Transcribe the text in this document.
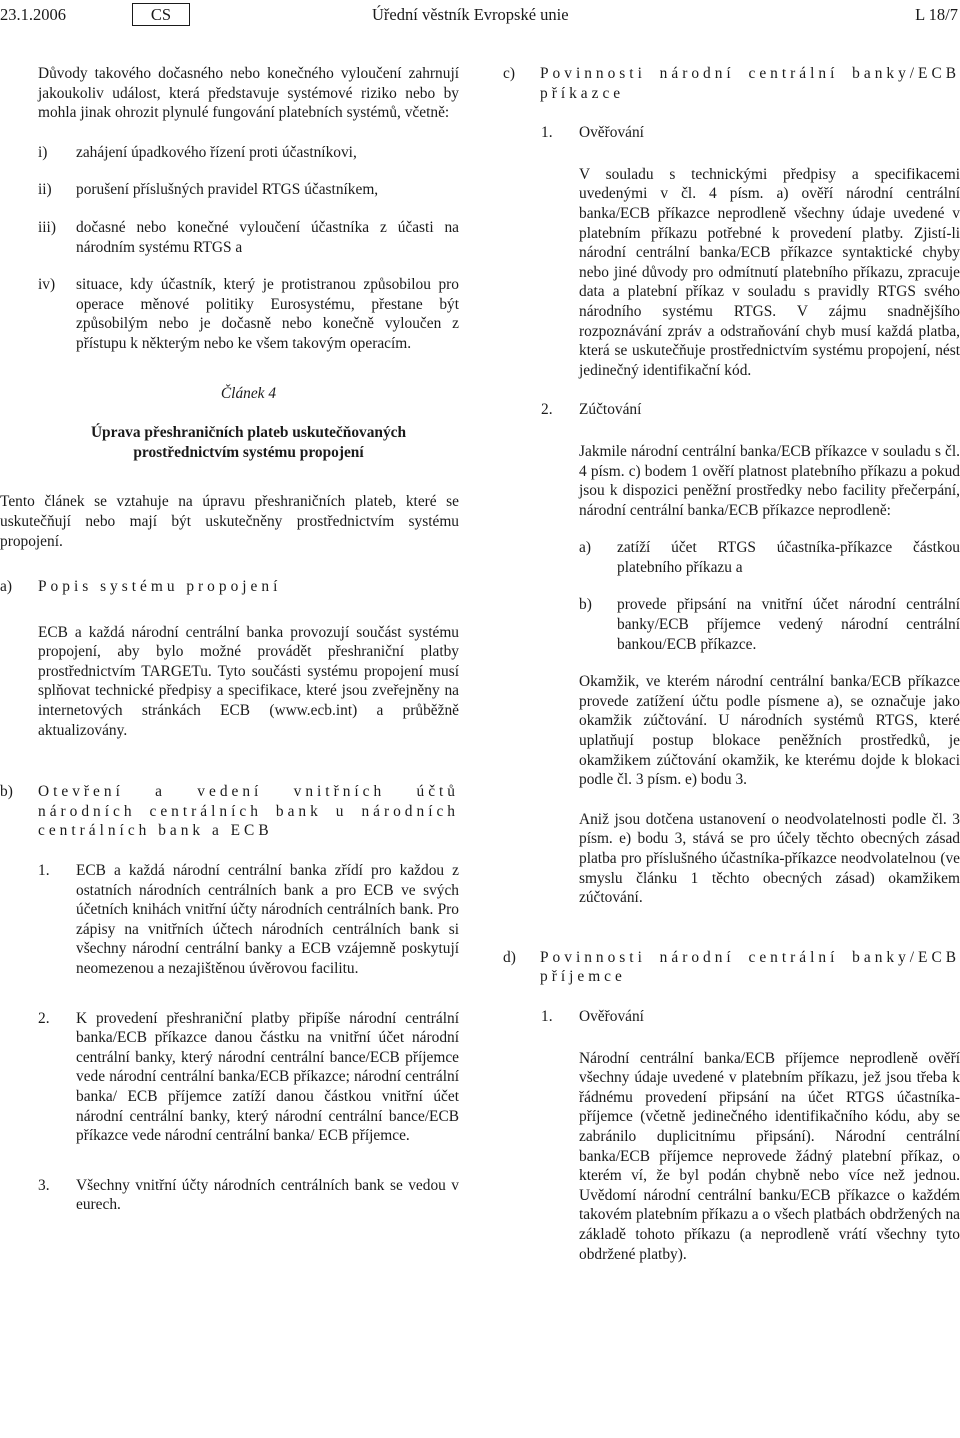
23.1.2006	CS	Úřední věstník Evropské unie	L 18/7

Důvody takového dočasného nebo konečného vyloučení zahrnují jakoukoliv událost, která představuje systémové riziko nebo by mohla jinak ohrozit plynulé fungování platebních systémů, včetně:

i)	zahájení úpadkového řízení proti účastníkovi,
ii)	porušení příslušných pravidel RTGS účastníkem,
iii)	dočasné nebo konečné vyloučení účastníka z účasti na národním systému RTGS a
iv)	situace, kdy účastník, který je protistranou způsobilou pro operace měnové politiky Eurosystému, přestane být způsobilým nebo je dočasně nebo konečně vyloučen z přístupu k některým nebo ke všem takovým operacím.

Článek 4

Úprava přeshraničních plateb uskutečňovaných

prostřednictvím systému propojení

Tento článek se vztahuje na úpravu přeshraničních plateb, které se uskutečňují nebo mají být uskutečněny prostřednictvím systému propojení.

a)	Popis systému propojení

ECB a každá národní centrální banka provozují součást systému propojení, aby bylo možné provádět přeshraniční platby prostřednictvím TARGETu. Tyto součásti systému propojení musí splňovat technické předpisy a specifikace, které jsou zveřejněny na internetových stránkách ECB (www.ecb.int) a průběžně aktualizovány.

b)	Otevření a vedení vnitřních účtů národních centrálních bank u národních centrálních bank a ECB
1.	ECB a každá národní centrální banka zřídí pro každou z ostatních národních centrálních bank a pro ECB ve svých účetních knihách vnitřní účty národních centrálních bank. Pro zápisy na vnitřních účtech národních centrálních bank si všechny národní centrální banky a ECB vzájemně poskytují neomezenou a nezajištěnou úvěrovou facilitu.
2.	K provedení přeshraniční platby připíše národní centrální banka/ECB příkazce danou částku na vnitřní účet národní centrální banky, který národní centrální bance/ECB příjemce vede národní centrální banka/ECB příkazce; národní centrální banka/ ECB příjemce zatíží danou částkou vnitřní účet národní centrální banky, který národní centrální bance/ECB příkazce vede národní centrální banka/ ECB příjemce.
3.	Všechny vnitřní účty národních centrálních bank se vedou v eurech.
c)	Povinnosti národní centrální banky/ECB příkazce
1.	Ověřování

V souladu s technickými předpisy a specifikacemi uvedenými v čl. 4 písm. a) ověří národní centrální banka/ECB příkazce neprodleně všechny údaje uvedené v platebním příkazu potřebné k provedení platby. Zjistí-li národní centrální banka/ECB příkazce syntaktické chyby nebo jiné důvody pro odmítnutí platebního příkazu, zpracuje data a platební příkaz v souladu s pravidly RTGS svého národního systému RTGS. V zájmu snadnějšího rozpoznávání zpráv a odstraňování chyb musí každá platba, která se uskutečňuje prostřednictvím systému propojení, nést jedinečný identifikační kód.

2.	Zúčtování

Jakmile národní centrální banka/ECB příkazce v souladu s čl. 4 písm. c) bodem 1 ověří platnost platebního příkazu a pokud jsou k dispozici peněžní prostředky nebo facility přečerpání, národní centrální banka/ECB příkazce neprodleně:

a)	zatíží účet RTGS účastníka-příkazce částkou platebního příkazu a
b)	provede připsání na vnitřní účet národní centrální banky/ECB příjemce vedený národní centrální bankou/ECB příkazce.

Okamžik, ve kterém národní centrální banka/ECB příkazce provede zatížení účtu podle písmene a), se označuje jako okamžik zúčtování. U národních systémů RTGS, které uplatňují postup blokace peněžních prostředků, je okamžikem zúčtování okamžik, ke kterému dojde k blokaci podle čl. 3 písm. e) bodu 3.

Aniž jsou dotčena ustanovení o neodvolatelnosti podle čl. 3 písm. e) bodu 3, stává se pro účely těchto obecných zásad platba pro příslušného účastníka-příkazce neodvolatelnou (ve smyslu článku 1 těchto obecných zásad) okamžikem zúčtování.

d)	Povinnosti národní centrální banky/ECB příjemce
1.	Ověřování

Národní centrální banka/ECB příjemce neprodleně ověří všechny údaje uvedené v platebním příkazu, jež jsou třeba k řádnému provedení připsání na účet RTGS účastníka-příjemce (včetně jedinečného identifikačního kódu, aby se zabránilo duplicitnímu připsání). Národní centrální banka/ECB příjemce neprovede žádný platební příkaz, o kterém ví, že byl podán chybně nebo více než jednou. Uvědomí národní centrální banku/ECB příkazce o každém takovém platebním příkazu a o všech platbách obdržených na základě tohoto příkazu (a neprodleně vrátí všechny tyto obdržené platby).
